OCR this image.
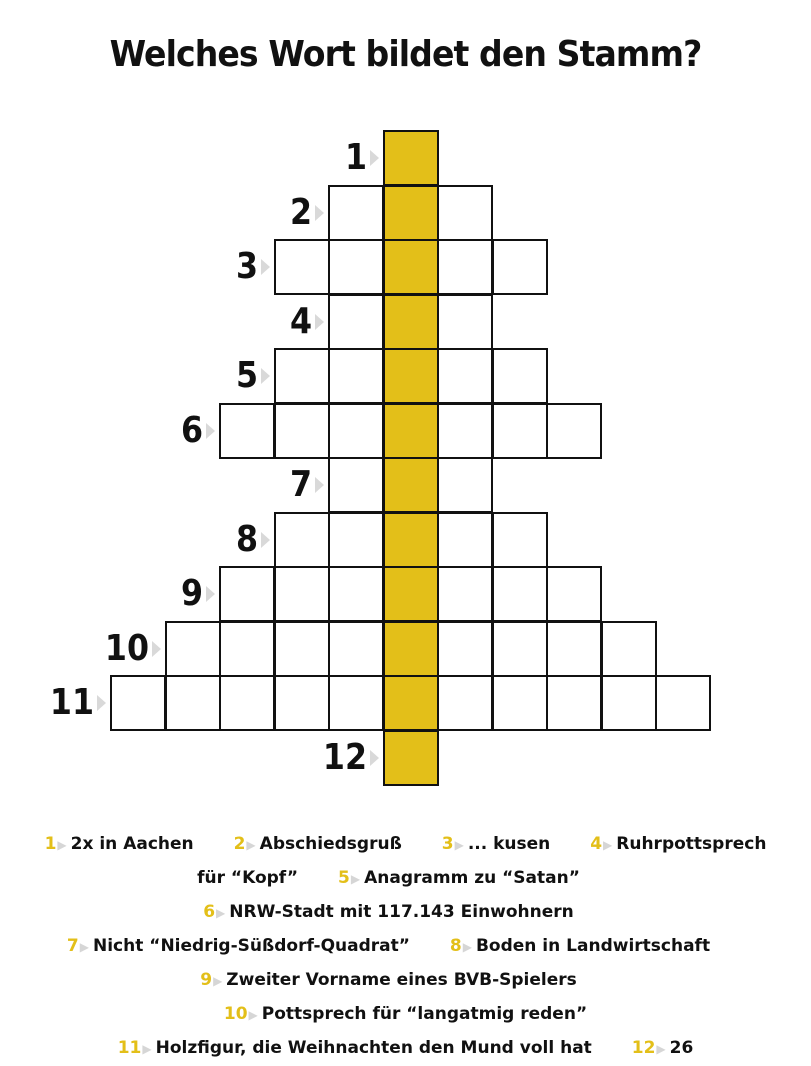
Welches Wort bildet den Stamm?
1
2
3
4
5
6
7
8
9
10
11
12
1▶ 2x in Aachen 2▶ Abschiedsgruß 3▶ ... kusen 4▶ Ruhrpottsprech für “Kopf” 5▶ Anagramm zu “Satan” 6▶ NRW-Stadt mit 117.143 Einwohnern 7▶ Nicht “Niedrig-Süßdorf-Quadrat” 8▶ Boden in Landwirtschaft 9▶ Zweiter Vorname eines BVB-Spielers 10▶ Pottsprech für “langatmig reden”
11▶ Holzfigur, die Weihnachten den Mund voll hat 12▶ 26
